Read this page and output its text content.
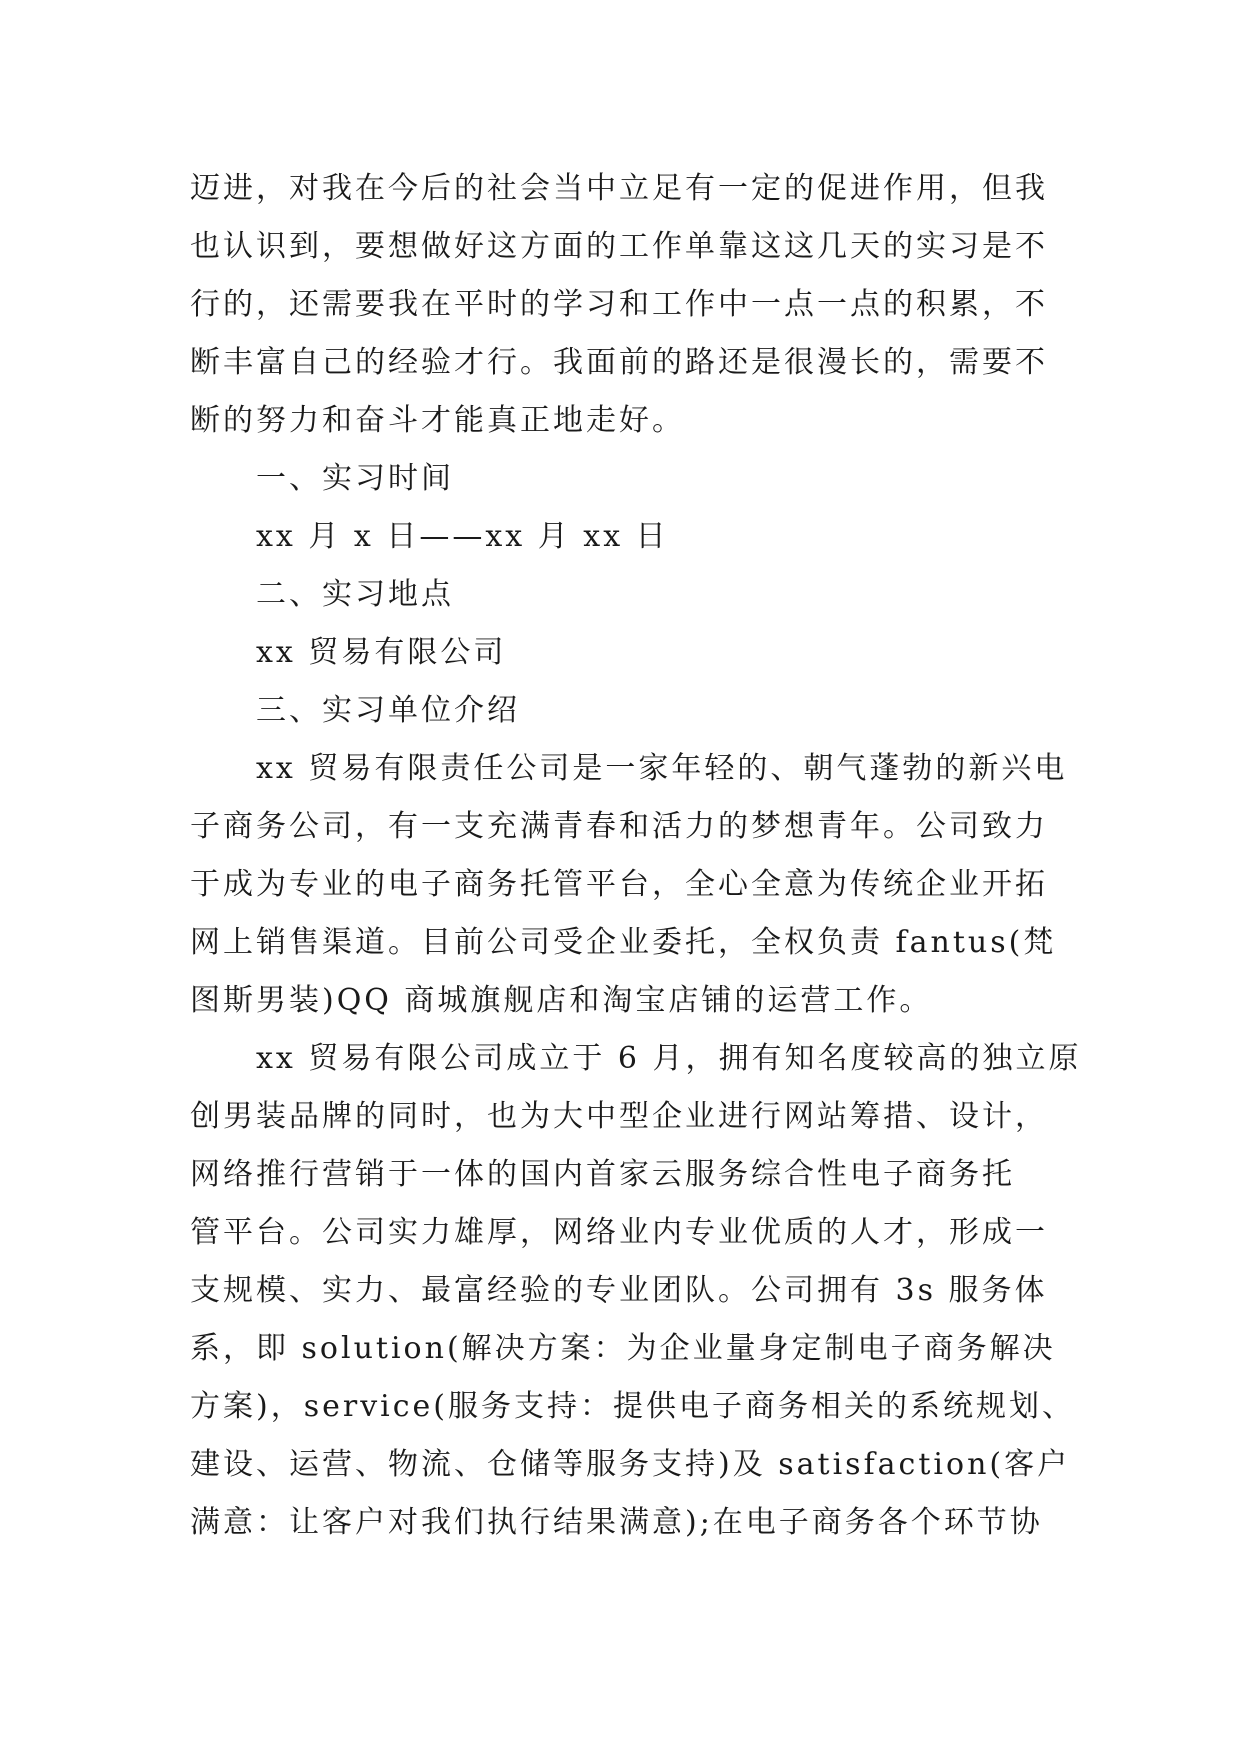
迈进，对我在今后的社会当中立足有一定的促进作用，但我
也认识到，要想做好这方面的工作单靠这这几天的实习是不
行的，还需要我在平时的学习和工作中一点一点的积累，不
断丰富自己的经验才行。我面前的路还是很漫长的，需要不
断的努力和奋斗才能真正地走好。
一、实习时间
xx 月 x 日——xx 月 xx 日
二、实习地点
xx 贸易有限公司
三、实习单位介绍
xx 贸易有限责任公司是一家年轻的、朝气蓬勃的新兴电
子商务公司，有一支充满青春和活力的梦想青年。公司致力
于成为专业的电子商务托管平台，全心全意为传统企业开拓
网上销售渠道。目前公司受企业委托，全权负责 fantus(梵
图斯男装)QQ 商城旗舰店和淘宝店铺的运营工作。
xx 贸易有限公司成立于 6 月，拥有知名度较高的独立原
创男装品牌的同时，也为大中型企业进行网站筹措、设计，
网络推行营销于一体的国内首家云服务综合性电子商务托
管平台。公司实力雄厚，网络业内专业优质的人才，形成一
支规模、实力、最富经验的专业团队。公司拥有 3s 服务体
系，即 solution(解决方案：为企业量身定制电子商务解决
方案)，service(服务支持：提供电子商务相关的系统规划、
建设、运营、物流、仓储等服务支持)及 satisfaction(客户
满意：让客户对我们执行结果满意);在电子商务各个环节协
